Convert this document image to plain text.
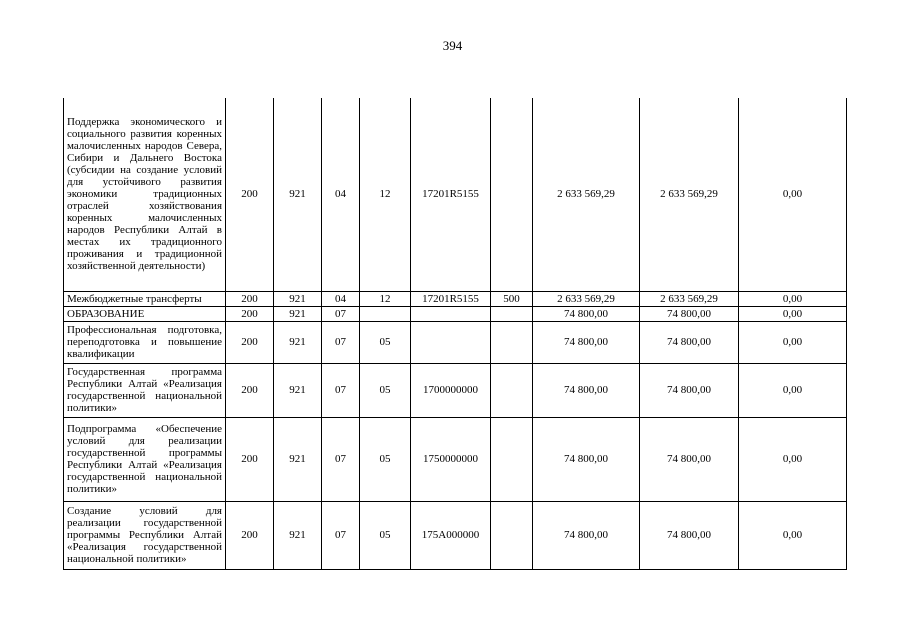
394
Поддержка экономического и социального развития коренных малочисленных народов Севера, Сибири и Дальнего Востока (субсидии на создание условий для устойчивого развития экономики традиционных отраслей хозяйствования коренных малочисленных народов Республики Алтай в местах их традиционного проживания и традиционной хозяйственной деятельности)	200	921	04	12	17201R5155		2 633 569,29	2 633 569,29	0,00
Межбюджетные трансферты	200	921	04	12	17201R5155	500	2 633 569,29	2 633 569,29	0,00
ОБРАЗОВАНИЕ	200	921	07				74 800,00	74 800,00	0,00
Профессиональная подготовка, переподготовка и повышение квалификации	200	921	07	05			74 800,00	74 800,00	0,00
Государственная программа Республики Алтай «Реализация государственной национальной политики»	200	921	07	05	1700000000		74 800,00	74 800,00	0,00
Подпрограмма «Обеспечение условий для реализации государственной программы Республики Алтай «Реализация государственной национальной политики»	200	921	07	05	1750000000		74 800,00	74 800,00	0,00
Создание условий для реализации государственной программы Республики Алтай «Реализация государственной национальной политики»	200	921	07	05	175A000000		74 800,00	74 800,00	0,00
